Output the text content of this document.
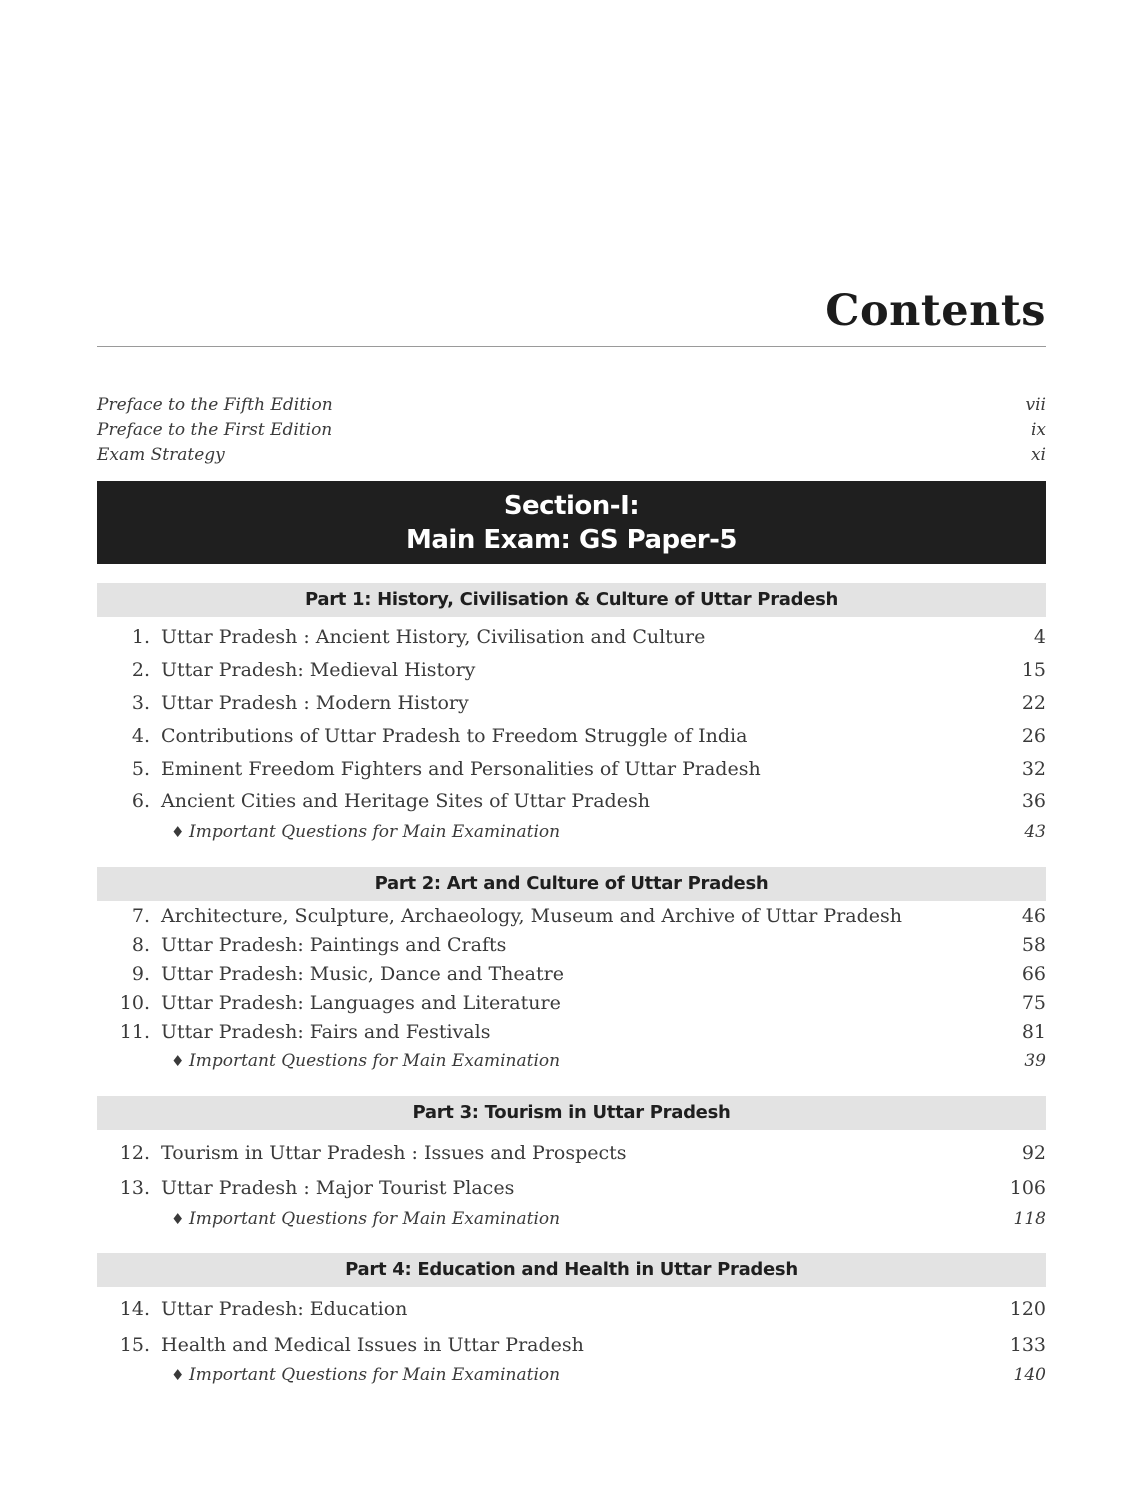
Contents
Preface to the Fifth Edition	vii
Preface to the First Edition	ix
Exam Strategy	xi
Section-I:
Main Exam: GS Paper-5
Part 1: History, Civilisation & Culture of Uttar Pradesh
1. Uttar Pradesh : Ancient History, Civilisation and Culture	4
2. Uttar Pradesh: Medieval History	15
3. Uttar Pradesh : Modern History	22
4. Contributions of Uttar Pradesh to Freedom Struggle of India	26
5. Eminent Freedom Fighters and Personalities of Uttar Pradesh	32
6. Ancient Cities and Heritage Sites of Uttar Pradesh	36
♦ Important Questions for Main Examination	43
Part 2: Art and Culture of Uttar Pradesh
7. Architecture, Sculpture, Archaeology, Museum and Archive of Uttar Pradesh	46
8. Uttar Pradesh: Paintings and Crafts	58
9. Uttar Pradesh: Music, Dance and Theatre	66
10. Uttar Pradesh: Languages and Literature	75
11. Uttar Pradesh: Fairs and Festivals	81
♦ Important Questions for Main Examination	39
Part 3: Tourism in Uttar Pradesh
12. Tourism in Uttar Pradesh : Issues and Prospects	92
13. Uttar Pradesh : Major Tourist Places	106
♦ Important Questions for Main Examination	118
Part 4: Education and Health in Uttar Pradesh
14. Uttar Pradesh: Education	120
15. Health and Medical Issues in Uttar Pradesh	133
♦ Important Questions for Main Examination	140
